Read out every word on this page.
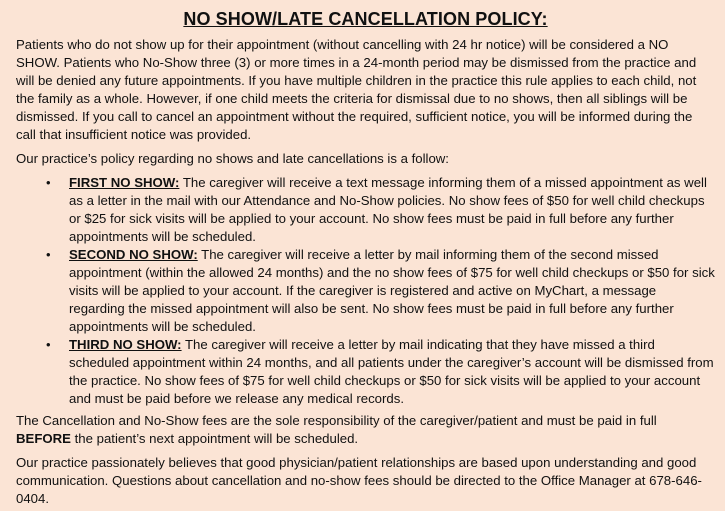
NO SHOW/LATE CANCELLATION POLICY:

Patients who do not show up for their appointment (without cancelling with 24 hr notice) will be considered a NO SHOW. Patients who No-Show three (3) or more times in a 24-month period may be dismissed from the practice and will be denied any future appointments. If you have multiple children in the practice this rule applies to each child, not the family as a whole. However, if one child meets the criteria for dismissal due to no shows, then all siblings will be dismissed. If you call to cancel an appointment without the required, sufficient notice, you will be informed during the call that insufficient notice was provided.

Our practice’s policy regarding no shows and late cancellations is a follow:

• FIRST NO SHOW: The caregiver will receive a text message informing them of a missed appointment as well as a letter in the mail with our Attendance and No-Show policies. No show fees of $50 for well child checkups or $25 for sick visits will be applied to your account. No show fees must be paid in full before any further appointments will be scheduled.
• SECOND NO SHOW: The caregiver will receive a letter by mail informing them of the second missed appointment (within the allowed 24 months) and the no show fees of $75 for well child checkups or $50 for sick visits will be applied to your account. If the caregiver is registered and active on MyChart, a message regarding the missed appointment will also be sent. No show fees must be paid in full before any further appointments will be scheduled.
• THIRD NO SHOW: The caregiver will receive a letter by mail indicating that they have missed a third scheduled appointment within 24 months, and all patients under the caregiver’s account will be dismissed from the practice. No show fees of $75 for well child checkups or $50 for sick visits will be applied to your account and must be paid before we release any medical records.

The Cancellation and No-Show fees are the sole responsibility of the caregiver/patient and must be paid in full BEFORE the patient’s next appointment will be scheduled.

Our practice passionately believes that good physician/patient relationships are based upon understanding and good communication. Questions about cancellation and no-show fees should be directed to the Office Manager at 678-646-0404.
